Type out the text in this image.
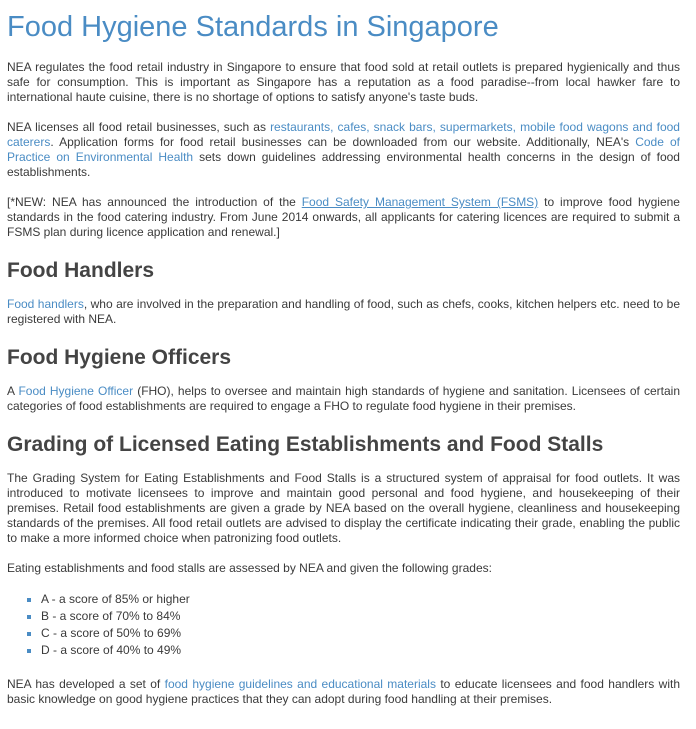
Food Hygiene Standards in Singapore

NEA regulates the food retail industry in Singapore to ensure that food sold at retail outlets is prepared hygienically and thus safe for consumption. This is important as Singapore has a reputation as a food paradise--from local hawker fare to international haute cuisine, there is no shortage of options to satisfy anyone's taste buds.

NEA licenses all food retail businesses, such as restaurants, cafes, snack bars, supermarkets, mobile food wagons and food caterers. Application forms for food retail businesses can be downloaded from our website. Additionally, NEA's Code of Practice on Environmental Health sets down guidelines addressing environmental health concerns in the design of food establishments.

[*NEW: NEA has announced the introduction of the Food Safety Management System (FSMS) to improve food hygiene standards in the food catering industry. From June 2014 onwards, all applicants for catering licences are required to submit a FSMS plan during licence application and renewal.]

Food Handlers

Food handlers, who are involved in the preparation and handling of food, such as chefs, cooks, kitchen helpers etc. need to be registered with NEA.

Food Hygiene Officers

A Food Hygiene Officer (FHO), helps to oversee and maintain high standards of hygiene and sanitation. Licensees of certain categories of food establishments are required to engage a FHO to regulate food hygiene in their premises.

Grading of Licensed Eating Establishments and Food Stalls

The Grading System for Eating Establishments and Food Stalls is a structured system of appraisal for food outlets. It was introduced to motivate licensees to improve and maintain good personal and food hygiene, and housekeeping of their premises. Retail food establishments are given a grade by NEA based on the overall hygiene, cleanliness and housekeeping standards of the premises. All food retail outlets are advised to display the certificate indicating their grade, enabling the public to make a more informed choice when patronizing food outlets.

Eating establishments and food stalls are assessed by NEA and given the following grades:

A - a score of 85% or higher
B - a score of 70% to 84%
C - a score of 50% to 69%
D - a score of 40% to 49%

NEA has developed a set of food hygiene guidelines and educational materials to educate licensees and food handlers with basic knowledge on good hygiene practices that they can adopt during food handling at their premises.
